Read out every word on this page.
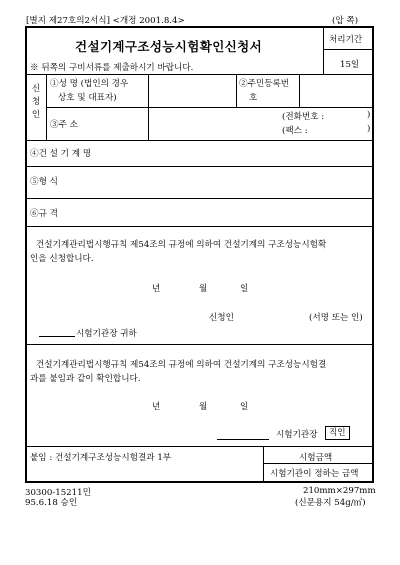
[별지 제27호의2서식] <개정 2001.8.4>	(압 쪽)
건설기계구조성능시험확인신청서	처리기간
15일
※ 뒤쪽의 구비서류를 제출하시기 바랍니다.
신 청 인
①성 명 (법인의 경우
상호 및 대표자)
②주민등록번
호
③주 소
(전화번호 :	)
(팩스 :	)
④건 설 기 계 명
⑤형 식
⑥규 격
건설기계관리법시행규칙 제54조의 규정에 의하여 건설기계의 구조성능시험확
인을 신청합니다.
년	월	일
신청인	(서명 또는 인)
시험기관장 귀하
건설기계관리법시행규칙 제54조의 규정에 의하여 건설기계의 구조성능시험결
과를 붙임과 같이 확인합니다.
년	월	일
시험기관장	직인
붙임 : 건설기계구조성능시험결과 1부	시험금액
시험기관이 정하는 금액
30300-15211민
95.6.18 승인
210mm×297mm
(신문용지 54g/㎡)
